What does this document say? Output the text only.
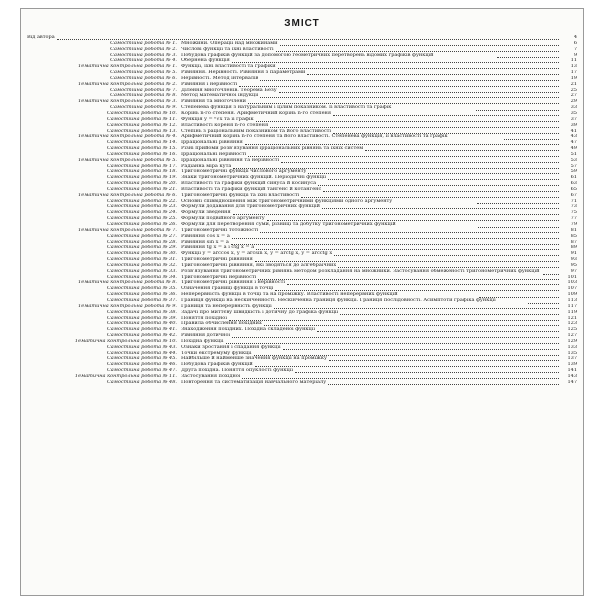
ЗМІСТ
Від автора	4
Самостійна робота № 1. Множини. Операції над множинами	6
Самостійна робота № 2. Числові функції та їхні властивості	7
Самостійна робота № 3. Побудова графіків функцій за допомогою геометричних перетворень відомих графіків функцій	9
Самостійна робота № 4. Обернена функція	11
Тематична контрольна робота № 1. Функції, їхні властивості та графіки	13
Самостійна робота № 5. Рівняння. Нерівності. Рівняння з параметрами	17
Самостійна робота № 6. Нерівності. Метод інтервалів	19
Тематична контрольна робота № 2. Рівняння і нерівності	21
Самостійна робота № 7. Ділення многочленів. Теорема Безу	25
Самостійна робота № 8. Метод математичної індукції	27
Тематична контрольна робота № 3. Рівняння та многочлени	29
Самостійна робота № 9. Степенева функція з натуральним і цілим показником. Її властивості та графік	33
Самостійна робота № 10. Корінь n-го степеня. Арифметичний корінь n-го степеня	35
Самостійна робота № 11. Функція y = ⁿ√x та її графік	37
Самостійна робота № 12. Властивості кореня n-го степеня	39
Самостійна робота № 13. Степінь з раціональним показником та його властивості	41
Тематична контрольна робота № 4. Арифметичний корінь n-го степеня та його властивості. Степенева функція, її властивості та графік	43
Самостійна робота № 14. Ірраціональні рівняння	47
Самостійна робота № 15. Різні прийоми розв’язування ірраціональних рівнянь та їхніх систем	49
Самостійна робота № 16. Ірраціональні нерівності	51
Тематична контрольна робота № 5. Ірраціональні рівняння та нерівності	53
Самостійна робота № 17. Радіанна міра кута	57
Самостійна робота № 18. Тригонометричні функції числового аргументу	59
Самостійна робота № 19. Знаки тригонометричних функцій. Періодичні функції	61
Самостійна робота № 20. Властивості та графіки функцій синуса й косинуса	63
Самостійна робота № 21. Властивості та графіки функцій тангенс й котангенс	65
Тематична контрольна робота № 6. Тригонометричні функції та їхні властивості	67
Самостійна робота № 22. Основні співвідношення між тригонометричними функціями одного аргументу	71
Самостійна робота № 23. Формули додавання для тригонометричних функцій	73
Самостійна робота № 24. Формули зведення	75
Самостійна робота № 25. Формули подвійного аргументу	77
Самостійна робота № 26. Формули для перетворення суми, різниці та добутку тригонометричних функцій	79
Тематична контрольна робота № 7. Тригонометричні тотожності	81
Самостійна робота № 27. Рівняння cos x = a	85
Самостійна робота № 28. Рівняння sin x = a	87
Самостійна робота № 29. Рівняння tg x = a і ctg x = a	89
Самостійна робота № 30. Функції y = arccos x, y = arcsin x, y = arctg x, y = arcctg x	91
Самостійна робота № 31. Тригонометричні рівняння	93
Самостійна робота № 32. Тригонометричні рівняння, які зводяться до алгебраїчних	95
Самостійна робота № 33. Розв’язування тригонометричних рівнянь методом розкладання на множники. Застосування обмеженості тригонометричних функцій	97
Самостійна робота № 34. Тригонометричні нерівності	101
Тематична контрольна робота № 8. Тригонометричні рівняння і нерівності	103
Самостійна робота № 35. Означення границі функції в точці	107
Самостійна робота № 36. Неперервність функції в точці та на проміжку. Властивості неперервних функцій	109
Самостійна робота № 37. Границя функції на нескінченності. Нескінченна границя функції. Границя послідовності. Асимптоти графіка функції	113
Тематична контрольна робота № 9. Границя та неперервність функції	117
Самостійна робота № 38. Задачі про миттєву швидкість і дотичну до графіка функції	119
Самостійна робота № 39. Поняття похідної	121
Самостійна робота № 40. Правила обчислення похідних	123
Самостійна робота № 41. Знаходження похідних. Похідна складеної функції	125
Самостійна робота № 42. Рівняння дотичної	127
Тематична контрольна робота № 10. Похідна функції	129
Самостійна робота № 43. Ознаки зростання і спадання функції	133
Самостійна робота № 44. Точки екстремуму функції	135
Самостійна робота № 45. Найбільше й найменше значення функції на проміжку	137
Самостійна робота № 46. Побудова графіків функцій	139
Самостійна робота № 47. Друга похідна. Поняття опуклості функції	141
Тематична контрольна робота № 11. Застосування похідної	143
Самостійна робота № 48. Повторення та систематизація навчального матеріалу	147
